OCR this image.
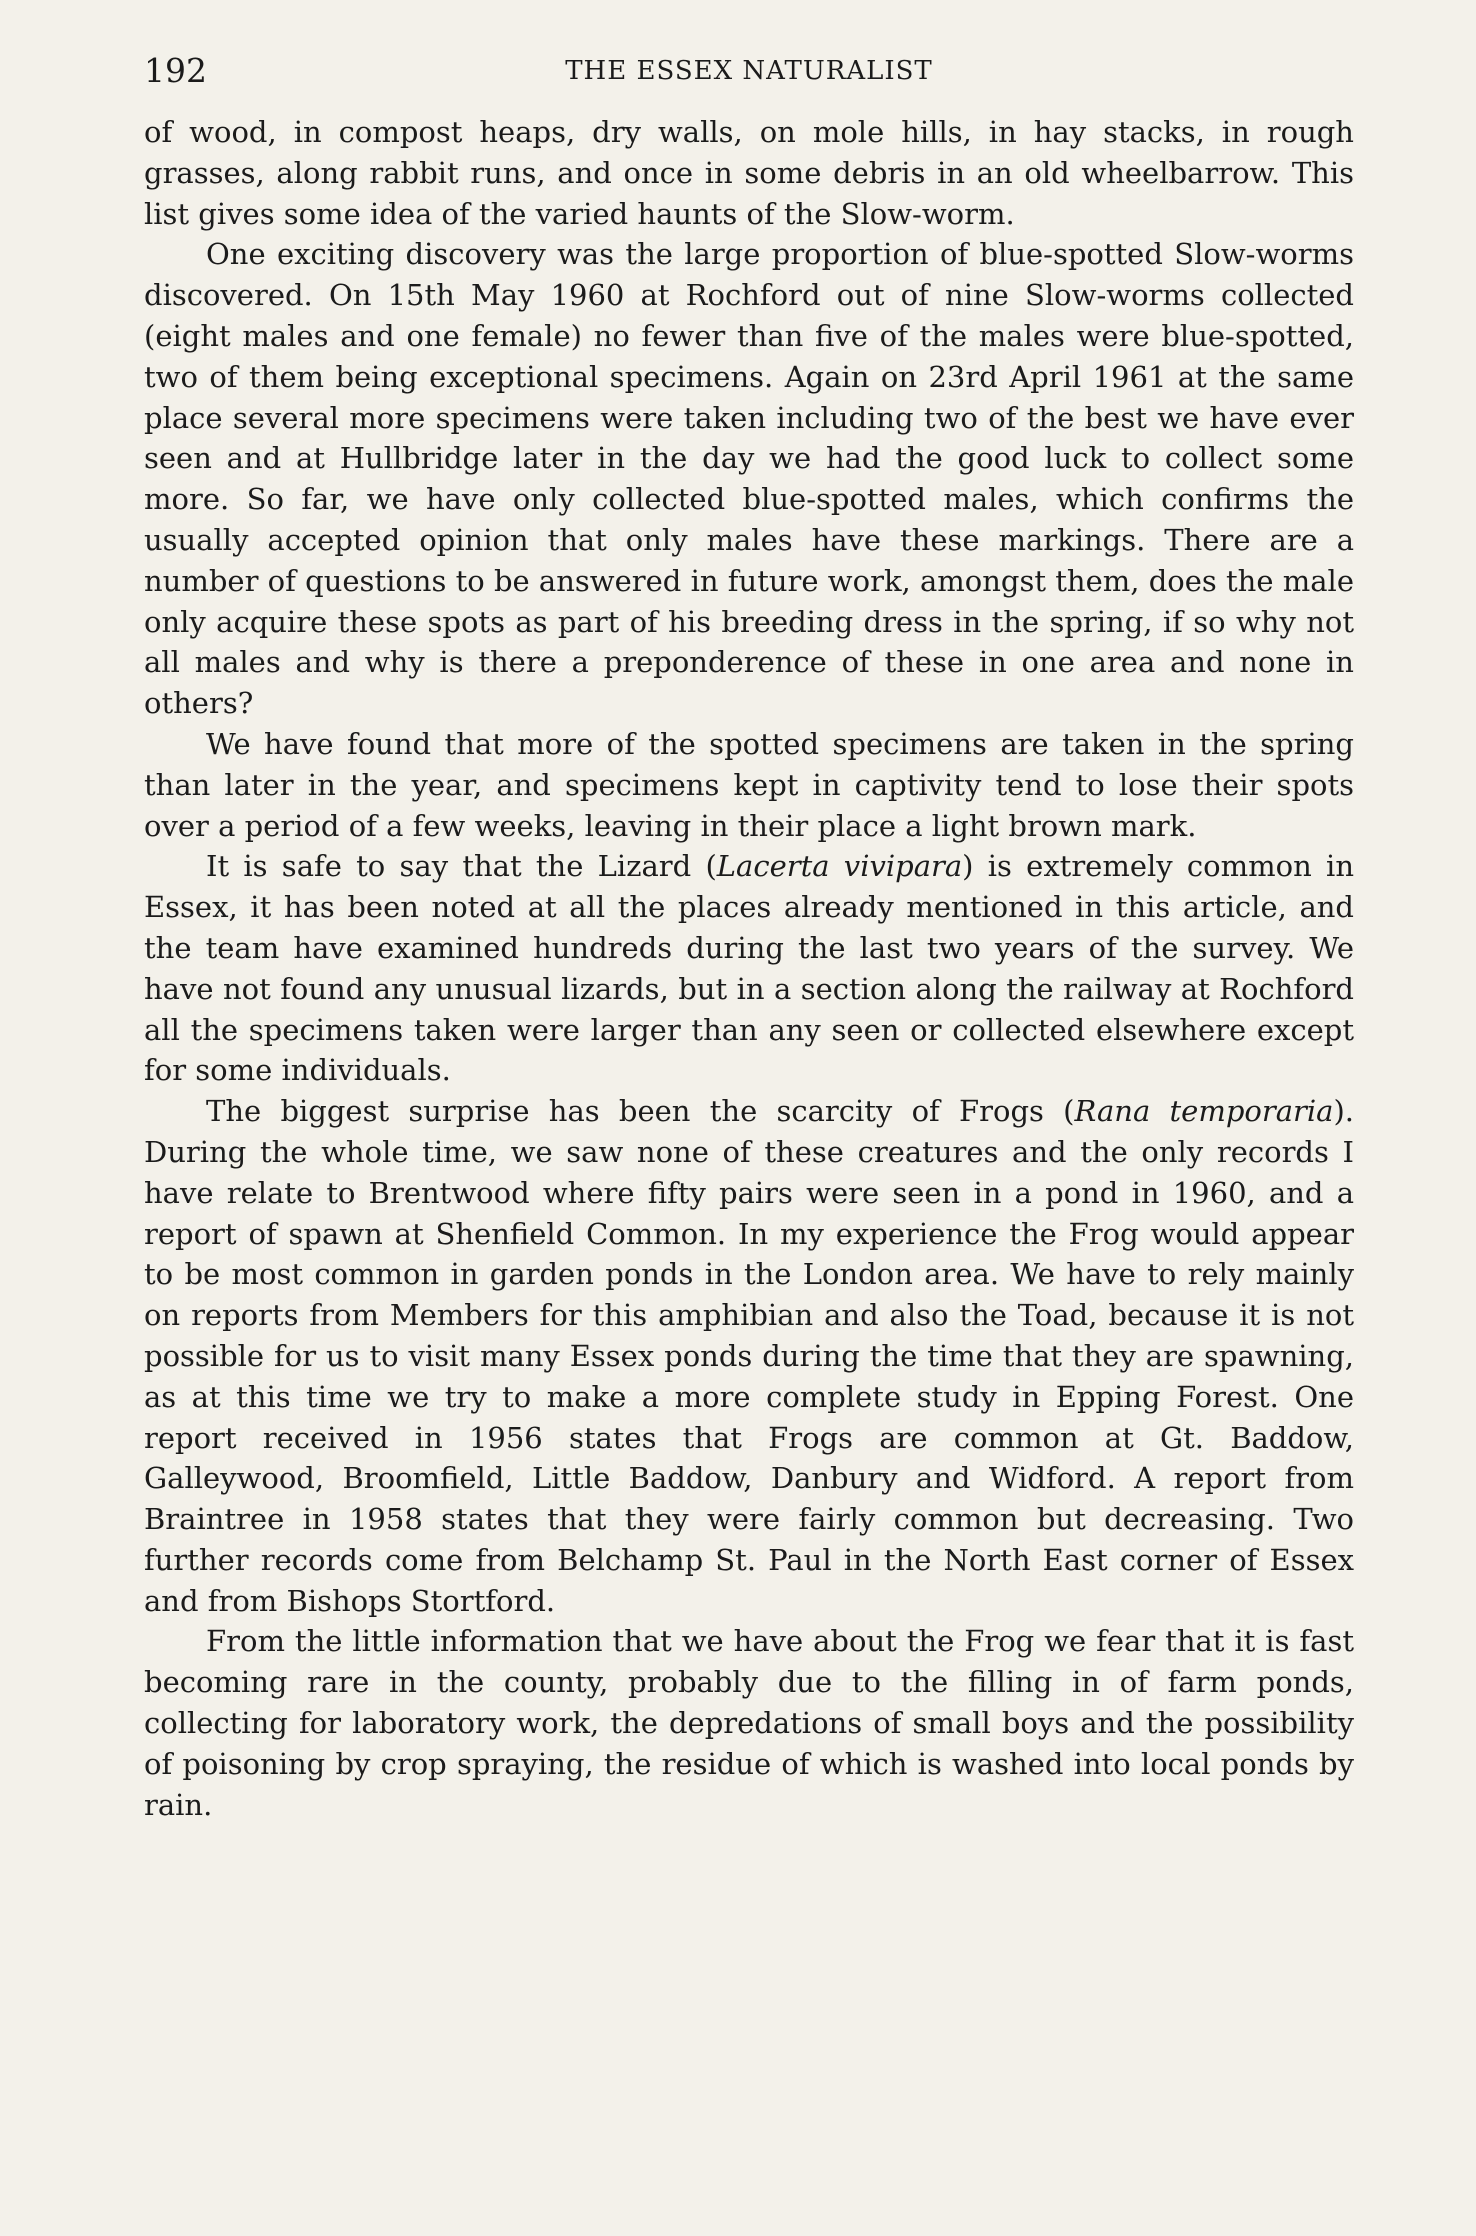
192	THE ESSEX NATURALIST

of wood, in compost heaps, dry walls, on mole hills, in hay stacks, in rough grasses, along rabbit runs, and once in some debris in an old wheelbarrow. This list gives some idea of the varied haunts of the Slow-worm.

One exciting discovery was the large proportion of blue-spotted Slow-worms discovered. On 15th May 1960 at Rochford out of nine Slow-worms collected (eight males and one female) no fewer than five of the males were blue-spotted, two of them being exceptional specimens. Again on 23rd April 1961 at the same place several more specimens were taken including two of the best we have ever seen and at Hullbridge later in the day we had the good luck to collect some more. So far, we have only collected blue-spotted males, which confirms the usually accepted opinion that only males have these markings. There are a number of questions to be answered in future work, amongst them, does the male only acquire these spots as part of his breeding dress in the spring, if so why not all males and why is there a preponderence of these in one area and none in others?

We have found that more of the spotted specimens are taken in the spring than later in the year, and specimens kept in captivity tend to lose their spots over a period of a few weeks, leaving in their place a light brown mark.

It is safe to say that the Lizard (Lacerta vivipara) is extremely common in Essex, it has been noted at all the places already mentioned in this article, and the team have examined hundreds during the last two years of the survey. We have not found any unusual lizards, but in a section along the railway at Rochford all the specimens taken were larger than any seen or collected elsewhere except for some individuals.

The biggest surprise has been the scarcity of Frogs (Rana temporaria). During the whole time, we saw none of these creatures and the only records I have relate to Brentwood where fifty pairs were seen in a pond in 1960, and a report of spawn at Shenfield Common. In my experience the Frog would appear to be most common in garden ponds in the London area. We have to rely mainly on reports from Members for this amphibian and also the Toad, because it is not possible for us to visit many Essex ponds during the time that they are spawning, as at this time we try to make a more complete study in Epping Forest. One report received in 1956 states that Frogs are common at Gt. Baddow, Galleywood, Broomfield, Little Baddow, Danbury and Widford. A report from Braintree in 1958 states that they were fairly common but decreasing. Two further records come from Belchamp St. Paul in the North East corner of Essex and from Bishops Stortford.

From the little information that we have about the Frog we fear that it is fast becoming rare in the county, probably due to the filling in of farm ponds, collecting for laboratory work, the depredations of small boys and the possibility of poisoning by crop spraying, the residue of which is washed into local ponds by rain.
